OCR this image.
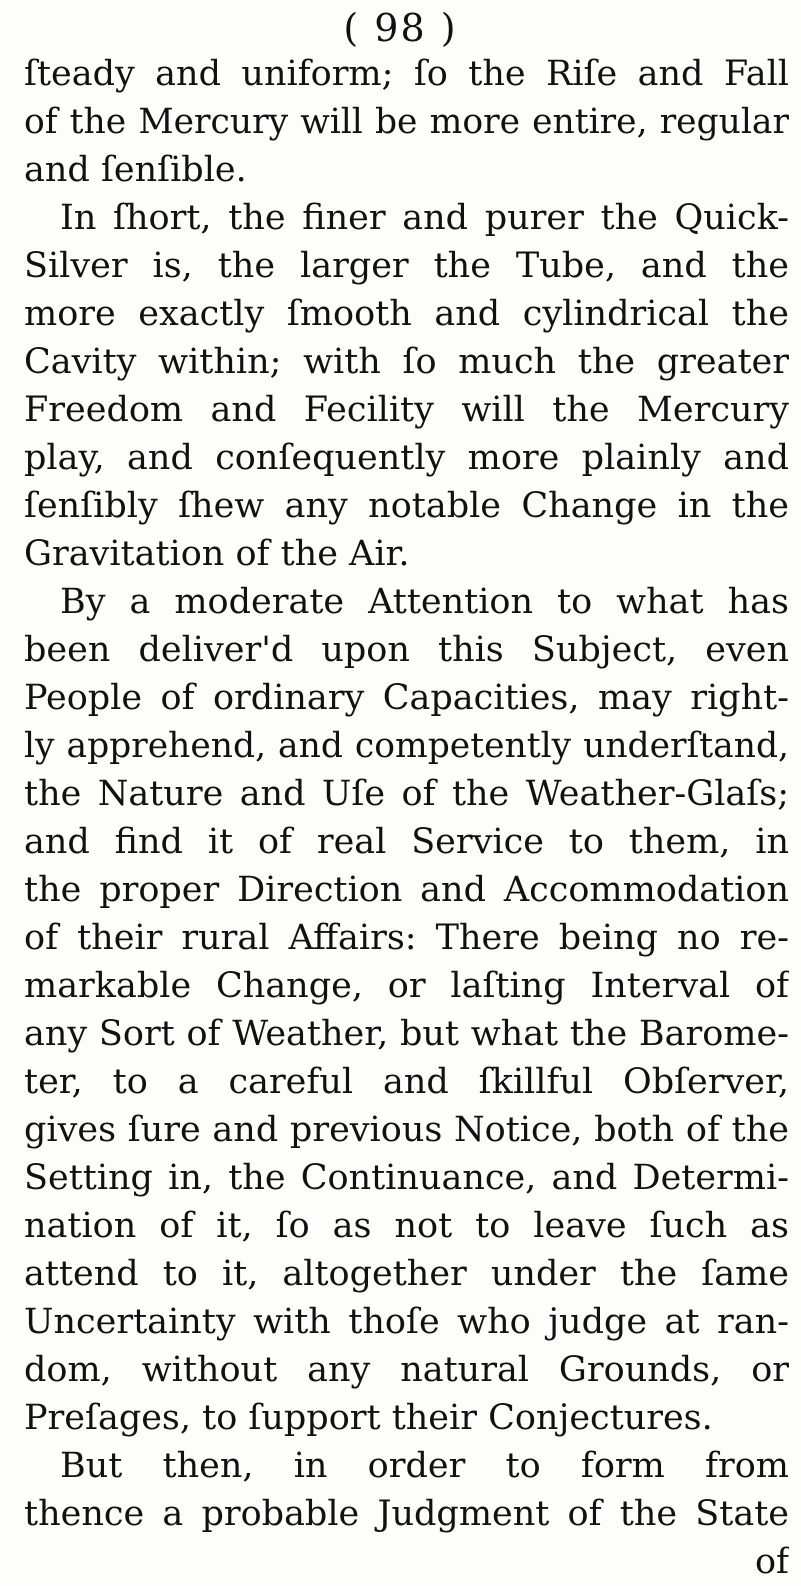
( 98 )
ſteady and uniform; ſo the Riſe and Fall
of the Mercury will be more entire, regular
and ſenſible.
In ſhort, the finer and purer the Quick-
Silver is, the larger the Tube, and the
more exactly ſmooth and cylindrical the
Cavity within; with ſo much the greater
Freedom and Fecility will the Mercury
play, and conſequently more plainly and
ſenſibly ſhew any notable Change in the
Gravitation of the Air.
By a moderate Attention to what has
been deliver'd upon this Subject, even
People of ordinary Capacities, may right-
ly apprehend, and competently underſtand,
the Nature and Uſe of the Weather-Glaſs;
and find it of real Service to them, in
the proper Direction and Accommodation
of their rural Affairs: There being no re-
markable Change, or laſting Interval of
any Sort of Weather, but what the Barome-
ter, to a careful and ſkillful Obſerver,
gives ſure and previous Notice, both of the
Setting in, the Continuance, and Determi-
nation of it, ſo as not to leave ſuch as
attend to it, altogether under the ſame
Uncertainty with thoſe who judge at ran-
dom, without any natural Grounds, or
Preſages, to ſupport their Conjectures.
But then, in order to form from
thence a probable Judgment of the State
of
